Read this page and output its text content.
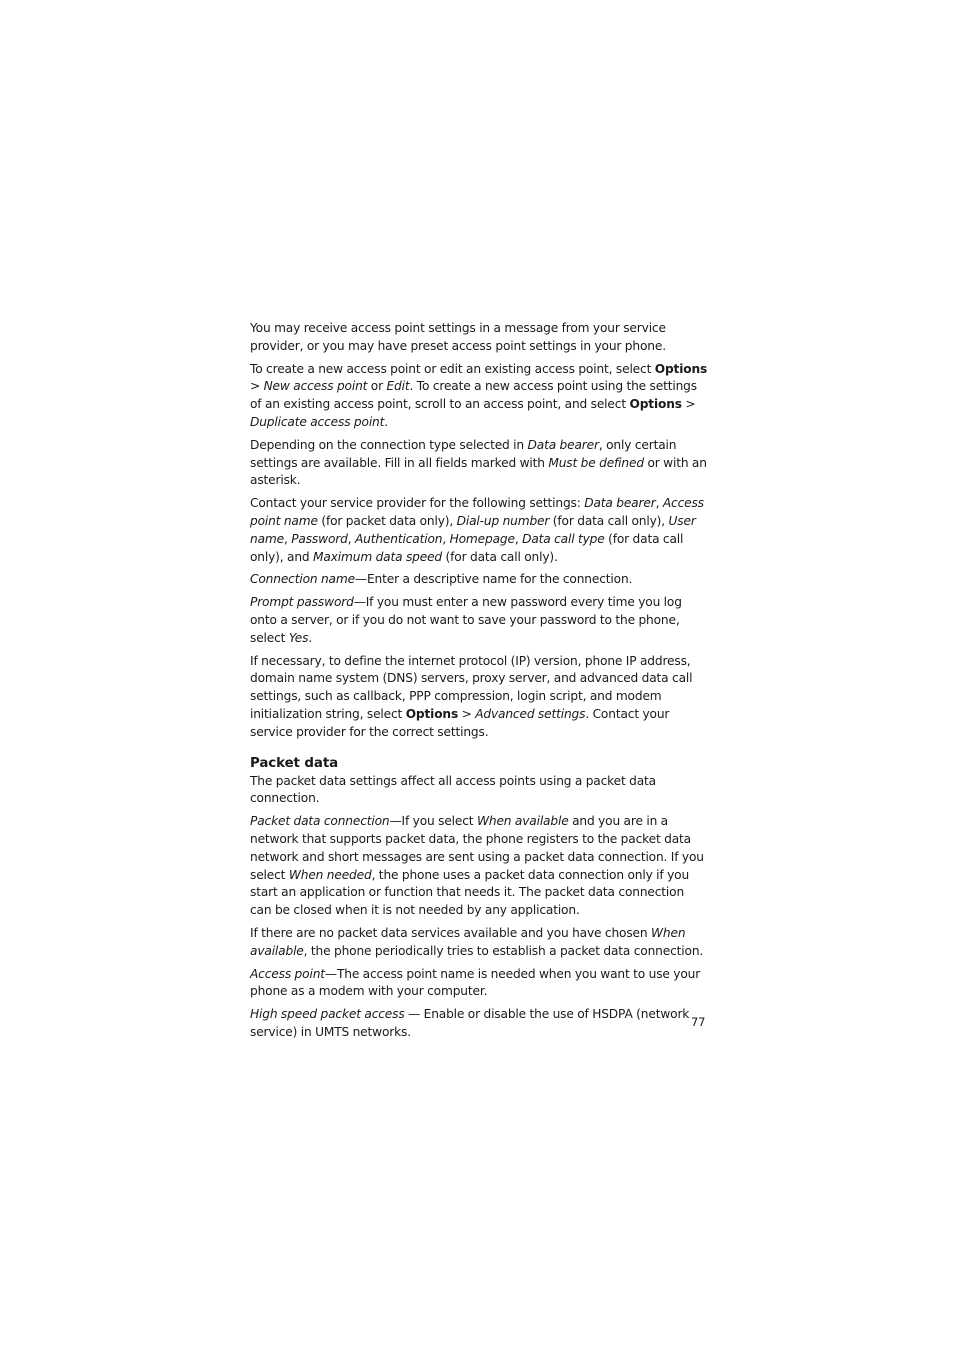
You may receive access point settings in a message from your service provider, or you may have preset access point settings in your phone.

To create a new access point or edit an existing access point, select Options > New access point or Edit. To create a new access point using the settings of an existing access point, scroll to an access point, and select Options > Duplicate access point.

Depending on the connection type selected in Data bearer, only certain settings are available. Fill in all fields marked with Must be defined or with an asterisk.

Contact your service provider for the following settings: Data bearer, Access point name (for packet data only), Dial-up number (for data call only), User name, Password, Authentication, Homepage, Data call type (for data call only), and Maximum data speed (for data call only).

Connection name—Enter a descriptive name for the connection.

Prompt password—If you must enter a new password every time you log onto a server, or if you do not want to save your password to the phone, select Yes.

If necessary, to define the internet protocol (IP) version, phone IP address, domain name system (DNS) servers, proxy server, and advanced data call settings, such as callback, PPP compression, login script, and modem initialization string, select Options > Advanced settings. Contact your service provider for the correct settings.

Packet data

The packet data settings affect all access points using a packet data connection.

Packet data connection—If you select When available and you are in a network that supports packet data, the phone registers to the packet data network and short messages are sent using a packet data connection. If you select When needed, the phone uses a packet data connection only if you start an application or function that needs it. The packet data connection can be closed when it is not needed by any application.

If there are no packet data services available and you have chosen When available, the phone periodically tries to establish a packet data connection.

Access point—The access point name is needed when you want to use your phone as a modem with your computer.

High speed packet access — Enable or disable the use of HSDPA (network service) in UMTS networks.

77
